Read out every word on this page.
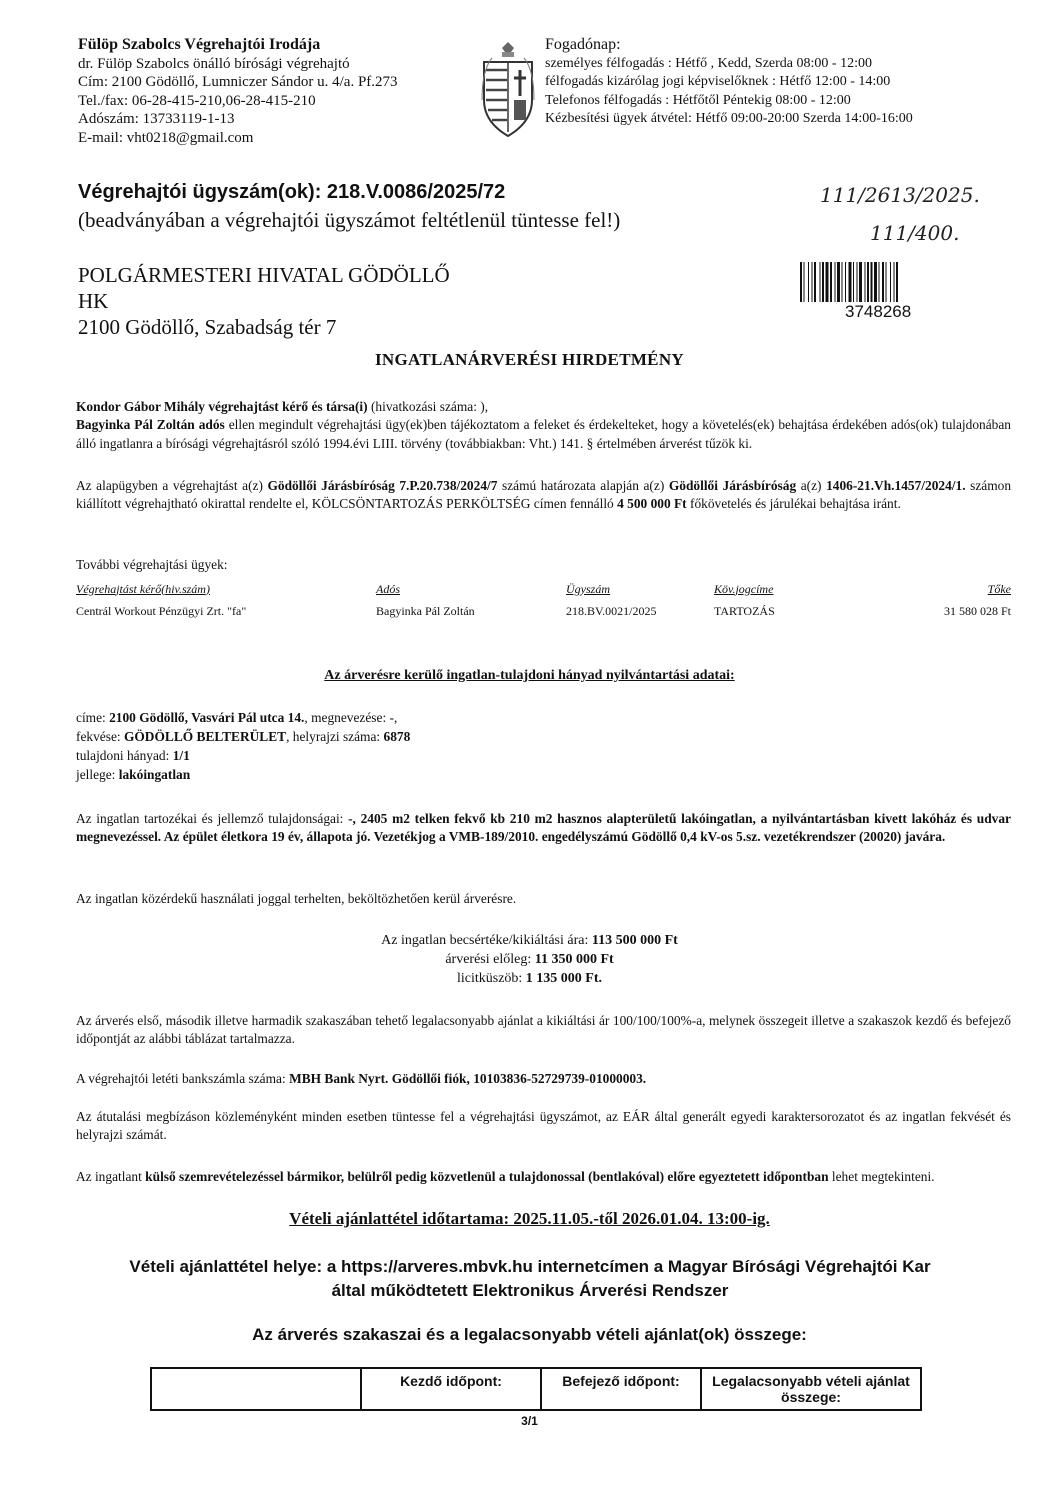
Fülöp Szabolcs Végrehajtói Irodája
dr. Fülöp Szabolcs önálló bírósági végrehajtó
Cím: 2100 Gödöllő, Lumniczer Sándor u. 4/a. Pf.273
Tel./fax: 06-28-415-210,06-28-415-210
Adószám: 13733119-1-13
E-mail: vht0218@gmail.com
Fogadónap:
személyes félfogadás : Hétfő , Kedd, Szerda 08:00 - 12:00
félfogadás kizárólag jogi képviselőknek : Hétfő 12:00 - 14:00
Telefonos félfogadás : Hétfőtől Péntekig 08:00 - 12:00
Kézbesítési ügyek átvétel: Hétfő 09:00-20:00 Szerda 14:00-16:00
Végrehajtói ügyszám(ok): 218.V.0086/2025/72
(beadványában a végrehajtói ügyszámot feltétlenül tüntesse fel!)
111/2613/2025.
111/400.
3748268
POLGÁRMESTERI HIVATAL GÖDÖLLŐ
HK
2100 Gödöllő, Szabadság tér 7
INGATLANÁRVERÉSI HIRDETMÉNY
Kondor Gábor Mihály végrehajtást kérő és társa(i) (hivatkozási száma: ),
Bagyinka Pál Zoltán adós ellen megindult végrehajtási ügy(ek)ben tájékoztatom a feleket és érdekelteket, hogy a követelés(ek) behajtása érdekében adós(ok) tulajdonában álló ingatlanra a bírósági végrehajtásról szóló 1994.évi LIII. törvény (továbbiakban: Vht.) 141. § értelmében árverést tűzök ki.
Az alapügyben a végrehajtást a(z) Gödöllői Járásbíróság 7.P.20.738/2024/7 számú határozata alapján a(z) Gödöllői Járásbíróság a(z) 1406-21.Vh.1457/2024/1. számon kiállított végrehajtható okirattal rendelte el, KÖLCSÖNTARTOZÁS PERKÖLTSÉG címen fennálló 4 500 000 Ft főkövetelés és járulékai behajtása iránt.
További végrehajtási ügyek:
Végrehajtást kérő(hiv.szám)	Adós	Ügyszám	Köv.jogcíme	Tőke
Centrál Workout Pénzügyi Zrt. "fa"	Bagyinka Pál Zoltán	218.BV.0021/2025	TARTOZÁS	31 580 028 Ft
Az árverésre kerülő ingatlan-tulajdoni hányad nyilvántartási adatai:
címe: 2100 Gödöllő, Vasvári Pál utca 14., megnevezése: -,
fekvése: GÖDÖLLŐ BELTERÜLET, helyrajzi száma: 6878
tulajdoni hányad: 1/1
jellege: lakóingatlan
Az ingatlan tartozékai és jellemző tulajdonságai: -, 2405 m2 telken fekvő kb 210 m2 hasznos alapterületű lakóingatlan, a nyilvántartásban kivett lakóház és udvar megnevezéssel. Az épület életkora 19 év, állapota jó. Vezetékjog a VMB-189/2010. engedélyszámú Gödöllő 0,4 kV-os 5.sz. vezetékrendszer (20020) javára.
Az ingatlan közérdekű használati joggal terhelten, beköltözhetően kerül árverésre.
Az ingatlan becsértéke/kikiáltási ára: 113 500 000 Ft
árverési előleg: 11 350 000 Ft
licitküszöb: 1 135 000 Ft.
Az árverés első, második illetve harmadik szakaszában tehető legalacsonyabb ajánlat a kikiáltási ár 100/100/100%-a, melynek összegeit illetve a szakaszok kezdő és befejező időpontját az alábbi táblázat tartalmazza.
A végrehajtói letéti bankszámla száma: MBH Bank Nyrt. Gödöllői fiók, 10103836-52729739-01000003.
Az átutalási megbízáson közleményként minden esetben tüntesse fel a végrehajtási ügyszámot, az EÁR által generált egyedi karaktersorozatot és az ingatlan fekvését és helyrajzi számát.
Az ingatlant külső szemrevételezéssel bármikor, belülről pedig közvetlenül a tulajdonossal (bentlakóval) előre egyeztetett időpontban lehet megtekinteni.
Vételi ajánlattétel időtartama: 2025.11.05.-től 2026.01.04. 13:00-ig.
Vételi ajánlattétel helye: a https://arveres.mbvk.hu internetcímen a Magyar Bírósági Végrehajtói Kar
által működtetett Elektronikus Árverési Rendszer
Az árverés szakaszai és a legalacsonyabb vételi ajánlat(ok) összege:
	Kezdő időpont:	Befejező időpont:	Legalacsonyabb vételi ajánlat összege:
3/1
